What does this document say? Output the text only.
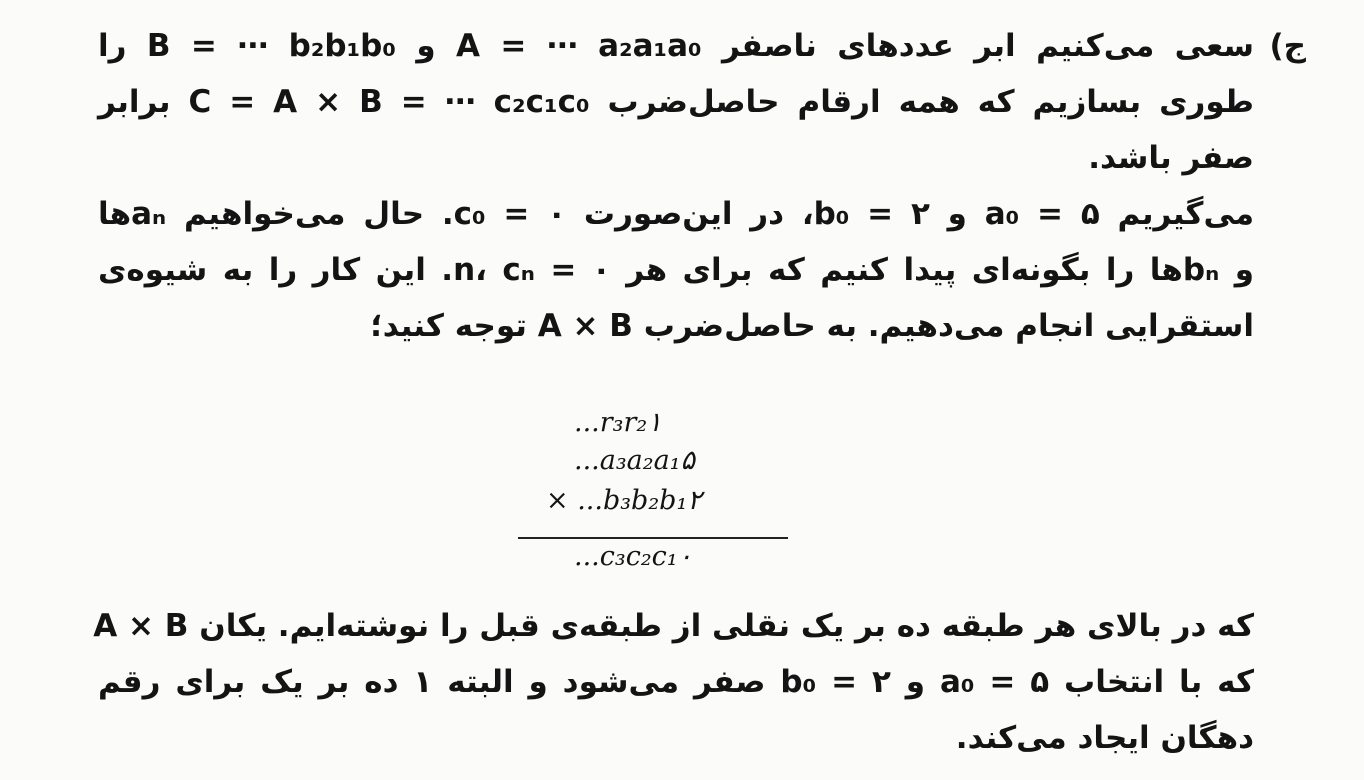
ج)
سعی می‌کنیم ابر عددهای ناصفر A = ⋯ a₂a₁a₀ و B = ⋯ b₂b₁b₀ را
طوری بسازیم که همه ارقام حاصل‌ضرب C = A × B = ⋯ c₂c₁c₀ برابر
صفر باشد.
می‌گیریم a₀ = ۵ و b₀ = ۲، در این‌صورت c₀ = ۰. حال می‌خواهیم aₙها
و bₙها را بگونه‌ای پیدا کنیم که برای هر n، cₙ = ۰. این کار را به شیوه‌ی
استقرایی انجام می‌دهیم. به حاصل‌ضرب A × B توجه کنید؛
...r₃r₂۱
...a₃a₂a₁۵
× ...b₃b₂b₁۲
...c₃c₂c₁۰
که در بالای هر طبقه ده بر یک نقلی از طبقه‌ی قبل را نوشته‌ایم. یکان A × B
که با انتخاب a₀ = ۵ و b₀ = ۲ صفر می‌شود و البته ۱ ده بر یک برای رقم
دهگان ایجاد می‌کند.
